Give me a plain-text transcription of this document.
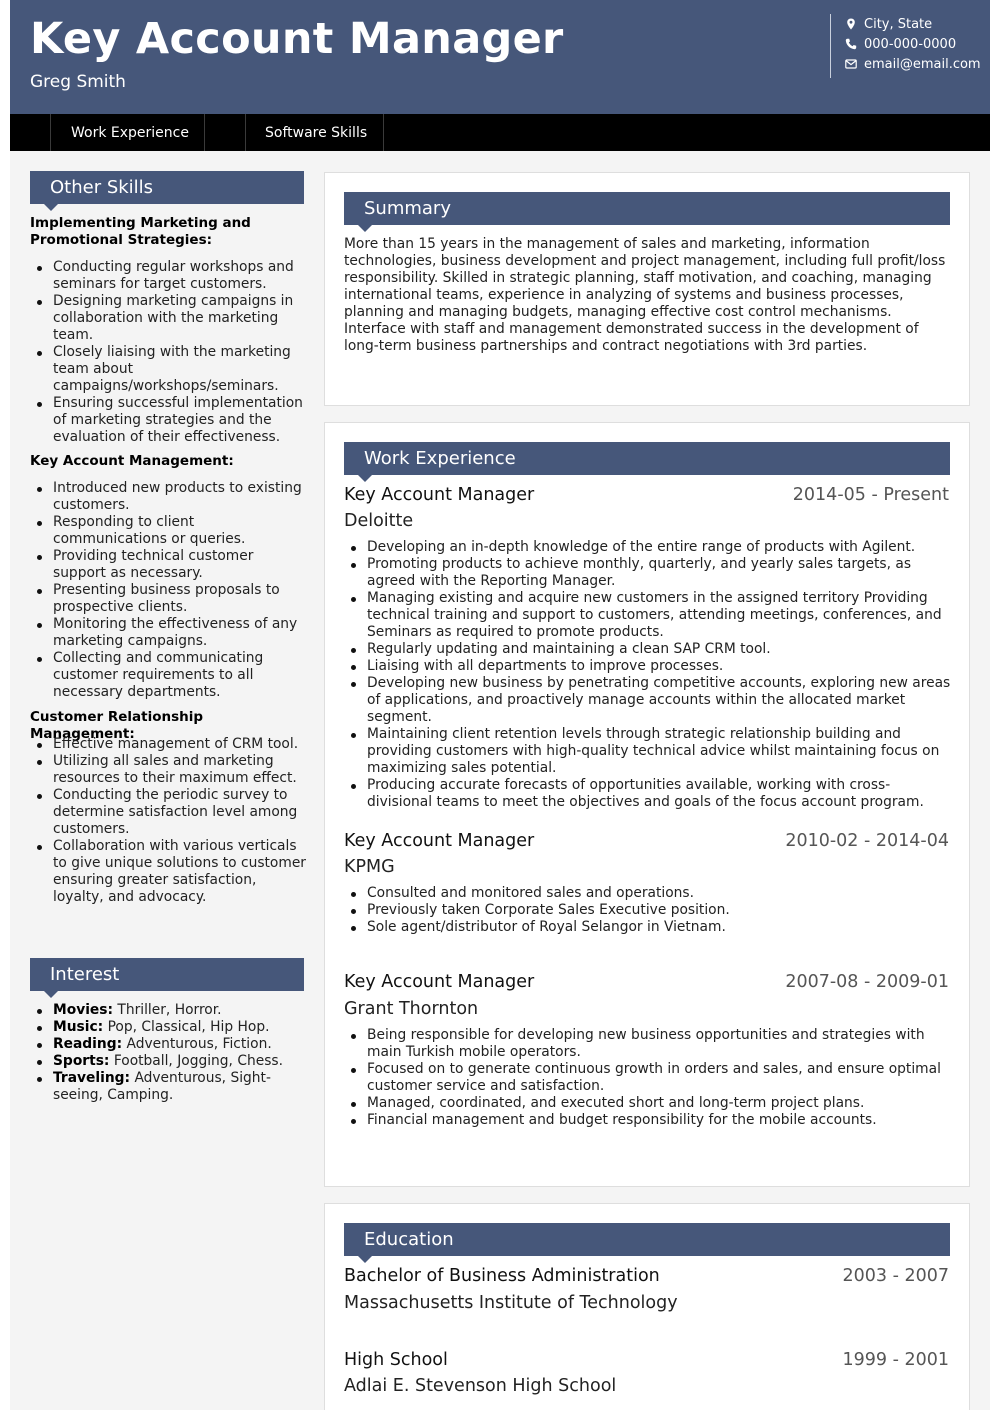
Key Account Manager
Greg Smith
City, State
000-000-0000
email@email.com
Work Experience	Software Skills
Other Skills
Implementing Marketing and Promotional Strategies:
Conducting regular workshops and seminars for target customers.
Designing marketing campaigns in collaboration with the marketing team.
Closely liaising with the marketing team about campaigns/workshops/seminars.
Ensuring successful implementation of marketing strategies and the evaluation of their effectiveness.
Key Account Management:
Introduced new products to existing customers.
Responding to client communications or queries.
Providing technical customer support as necessary.
Presenting business proposals to prospective clients.
Monitoring the effectiveness of any marketing campaigns.
Collecting and communicating customer requirements to all necessary departments.
Customer Relationship Management:
Effective management of CRM tool.
Utilizing all sales and marketing resources to their maximum effect.
Conducting the periodic survey to determine satisfaction level among customers.
Collaboration with various verticals to give unique solutions to customer ensuring greater satisfaction, loyalty, and advocacy.
Interest
Movies: Thriller, Horror.
Music: Pop, Classical, Hip Hop.
Reading: Adventurous, Fiction.
Sports: Football, Jogging, Chess.
Traveling: Adventurous, Sight-seeing, Camping.
Summary
More than 15 years in the management of sales and marketing, information technologies, business development and project management, including full profit/loss responsibility. Skilled in strategic planning, staff motivation, and coaching, managing international teams, experience in analyzing of systems and business processes, planning and managing budgets, managing effective cost control mechanisms. Interface with staff and management demonstrated success in the development of long-term business partnerships and contract negotiations with 3rd parties.
Work Experience
Key Account Manager	2014-05 - Present
Deloitte
Developing an in-depth knowledge of the entire range of products with Agilent.
Promoting products to achieve monthly, quarterly, and yearly sales targets, as agreed with the Reporting Manager.
Managing existing and acquire new customers in the assigned territory Providing technical training and support to customers, attending meetings, conferences, and Seminars as required to promote products.
Regularly updating and maintaining a clean SAP CRM tool.
Liaising with all departments to improve processes.
Developing new business by penetrating competitive accounts, exploring new areas of applications, and proactively manage accounts within the allocated market segment.
Maintaining client retention levels through strategic relationship building and providing customers with high-quality technical advice whilst maintaining focus on maximizing sales potential.
Producing accurate forecasts of opportunities available, working with cross-divisional teams to meet the objectives and goals of the focus account program.
Key Account Manager	2010-02 - 2014-04
KPMG
Consulted and monitored sales and operations.
Previously taken Corporate Sales Executive position.
Sole agent/distributor of Royal Selangor in Vietnam.
Key Account Manager	2007-08 - 2009-01
Grant Thornton
Being responsible for developing new business opportunities and strategies with main Turkish mobile operators.
Focused on to generate continuous growth in orders and sales, and ensure optimal customer service and satisfaction.
Managed, coordinated, and executed short and long-term project plans.
Financial management and budget responsibility for the mobile accounts.
Education
Bachelor of Business Administration	2003 - 2007
Massachusetts Institute of Technology
High School	1999 - 2001
Adlai E. Stevenson High School
